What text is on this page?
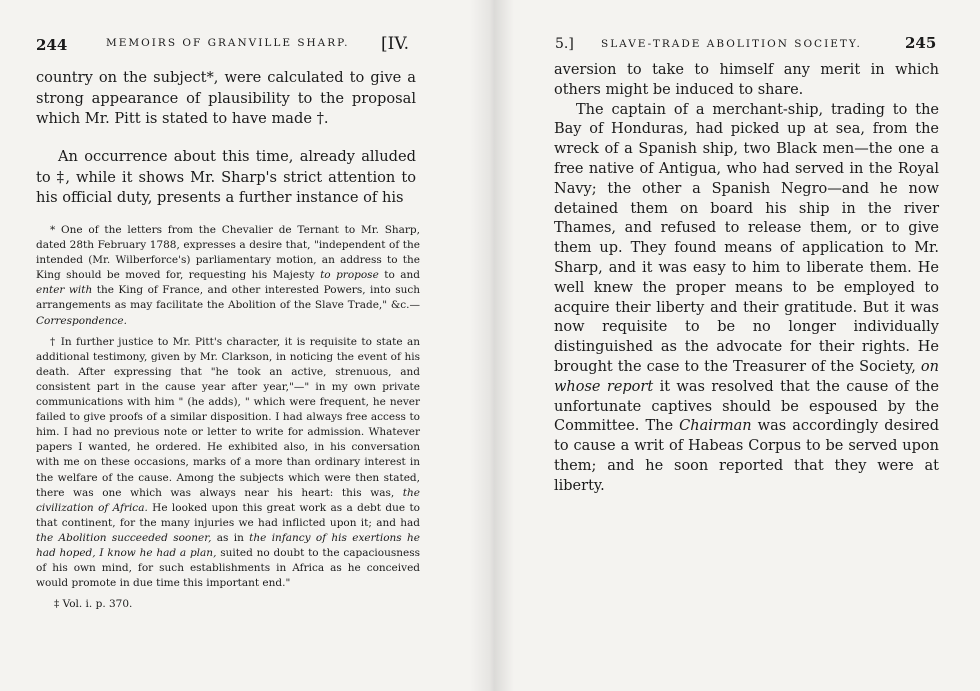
244	MEMOIRS OF GRANVILLE SHARP. [IV.

country on the subject*, were calculated to give a strong appearance of plausibility to the proposal which Mr. Pitt is stated to have made †.

An occurrence about this time, already alluded to ‡, while it shows Mr. Sharp's strict attention to his official duty, presents a further instance of his

* One of the letters from the Chevalier de Ternant to Mr. Sharp, dated 28th February 1788, expresses a desire that, "independent of the intended (Mr. Wilberforce's) parliamentary motion, an address to the King should be moved for, requesting his Majesty to propose to and enter with the King of France, and other interested Powers, into such arrangements as may facilitate the Abolition of the Slave Trade," &c.—Correspondence.

† In further justice to Mr. Pitt's character, it is requisite to state an additional testimony, given by Mr. Clarkson, in noticing the event of his death. After expressing that "he took an active, strenuous, and consistent part in the cause year after year,"—" in my own private communications with him " (he adds), " which were frequent, he never failed to give proofs of a similar disposition. I had always free access to him. I had no previous note or letter to write for admission. Whatever papers I wanted, he ordered. He exhibited also, in his conversation with me on these occasions, marks of a more than ordinary interest in the welfare of the cause. Among the subjects which were then stated, there was one which was always near his heart: this was, the civilization of Africa. He looked upon this great work as a debt due to that continent, for the many injuries we had inflicted upon it; and had the Abolition succeeded sooner, as in the infancy of his exertions he had hoped, I know he had a plan, suited no doubt to the capaciousness of his own mind, for such establishments in Africa as he conceived would promote in due time this important end."

‡ Vol. i. p. 370.

5.]	SLAVE-TRADE ABOLITION SOCIETY.	245

aversion to take to himself any merit in which others might be induced to share.

The captain of a merchant-ship, trading to the Bay of Honduras, had picked up at sea, from the wreck of a Spanish ship, two Black men—the one a free native of Antigua, who had served in the Royal Navy; the other a Spanish Negro—and he now detained them on board his ship in the river Thames, and refused to release them, or to give them up. They found means of application to Mr. Sharp, and it was easy to him to liberate them. He well knew the proper means to be employed to acquire their liberty and their gratitude. But it was now requisite to be no longer individually distinguished as the advocate for their rights. He brought the case to the Treasurer of the Society, on whose report it was resolved that the cause of the unfortunate captives should be espoused by the Committee. The Chairman was accordingly desired to cause a writ of Habeas Corpus to be served upon them; and he soon reported that they were at liberty.
